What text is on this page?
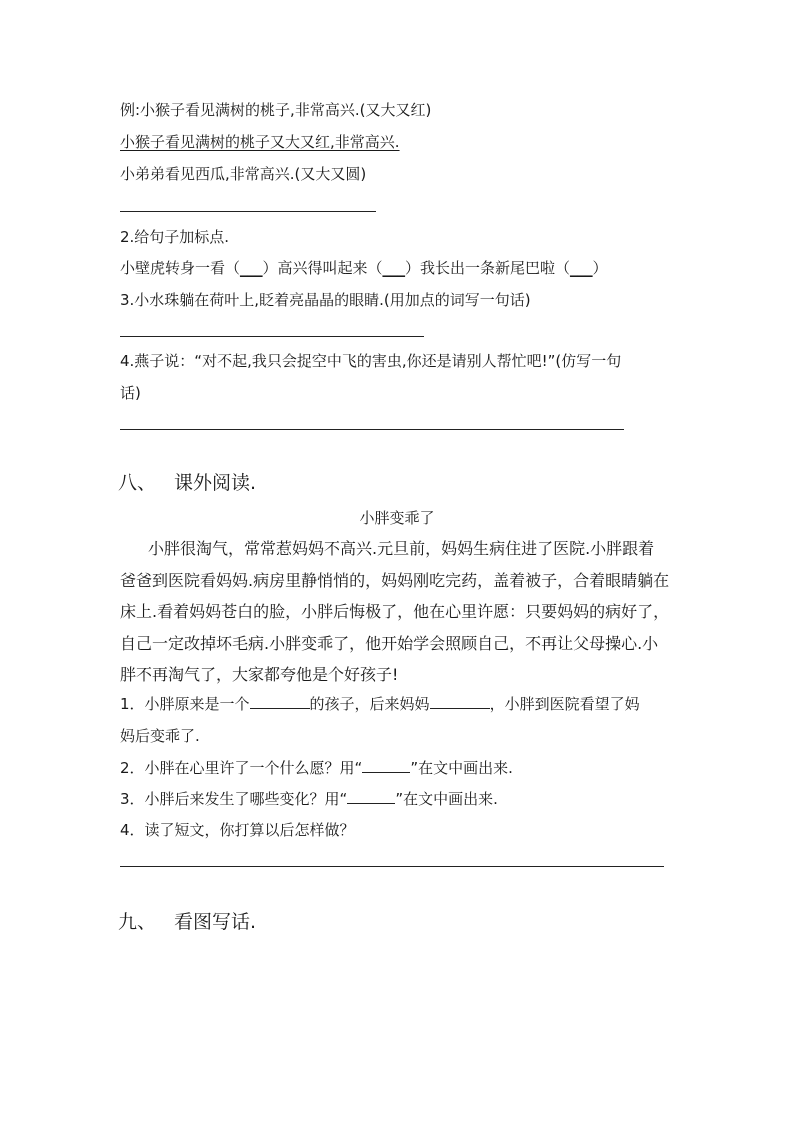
例:小猴子看见满树的桃子,非常高兴.(又大又红)
小猴子看见满树的桃子又大又红,非常高兴.
小弟弟看见西瓜,非常高兴.(又大又圆)
2.给句子加标点.
小壁虎转身一看（___）高兴得叫起来（___）我长出一条新尾巴啦（___）
3.小水珠躺在荷叶上,眨着亮晶晶的眼睛.(用加点的词写一句话)
4.燕子说：“对不起,我只会捉空中飞的害虫,你还是请别人帮忙吧!”(仿写一句
话)
八、 课外阅读.
小胖变乖了
小胖很淘气，常常惹妈妈不高兴.元旦前，妈妈生病住进了医院.小胖跟着
爸爸到医院看妈妈.病房里静悄悄的，妈妈刚吃完药，盖着被子，合着眼睛躺在
床上.看着妈妈苍白的脸，小胖后悔极了，他在心里许愿：只要妈妈的病好了，
自己一定改掉坏毛病.小胖变乖了，他开始学会照顾自己，不再让父母操心.小
胖不再淘气了，大家都夸他是个好孩子!
1．小胖原来是一个	的孩子，后来妈妈	，小胖到医院看望了妈
妈后变乖了.
2．小胖在心里许了一个什么愿？用“	”在文中画出来.
3．小胖后来发生了哪些变化？用“	”在文中画出来.
4．读了短文，你打算以后怎样做？
九、 看图写话.
